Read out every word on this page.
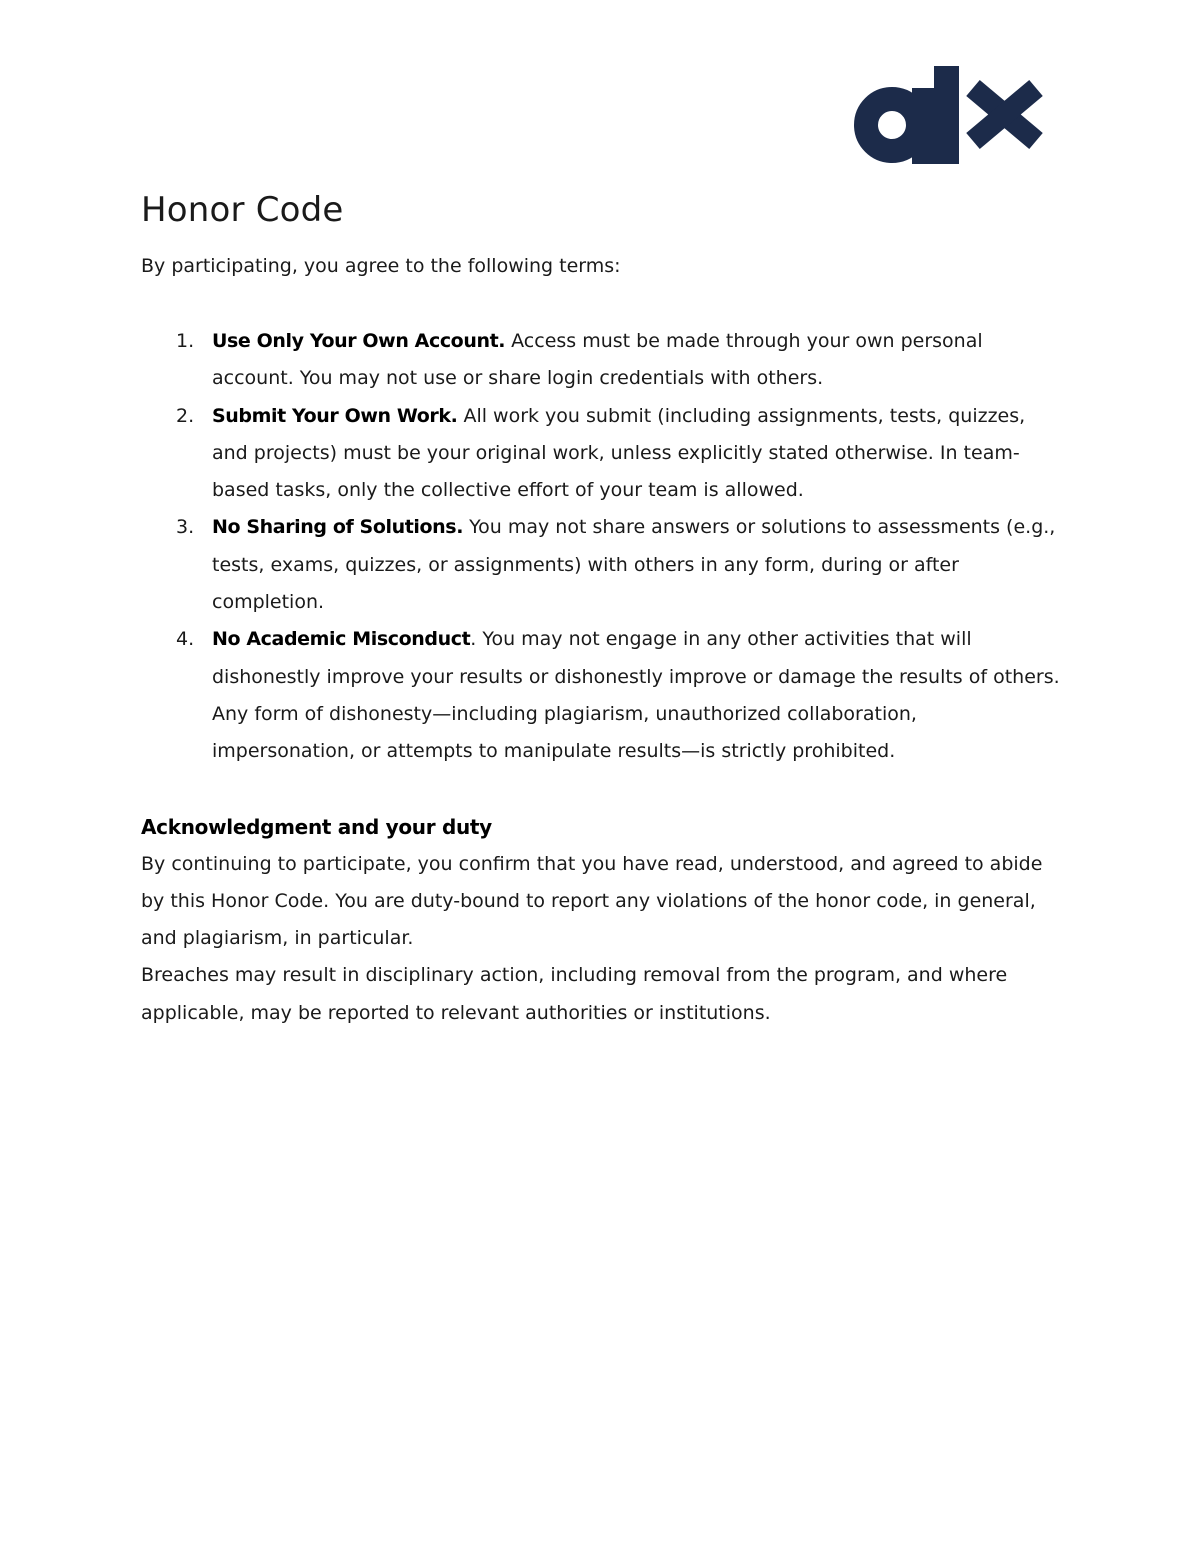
Honor Code

By participating, you agree to the following terms:

1. Use Only Your Own Account. Access must be made through your own personal account. You may not use or share login credentials with others.
2. Submit Your Own Work. All work you submit (including assignments, tests, quizzes, and projects) must be your original work, unless explicitly stated otherwise. In team-based tasks, only the collective effort of your team is allowed.
3. No Sharing of Solutions. You may not share answers or solutions to assessments (e.g., tests, exams, quizzes, or assignments) with others in any form, during or after completion.
4. No Academic Misconduct. You may not engage in any other activities that will dishonestly improve your results or dishonestly improve or damage the results of others. Any form of dishonesty—including plagiarism, unauthorized collaboration, impersonation, or attempts to manipulate results—is strictly prohibited.
Acknowledgment and your duty

By continuing to participate, you confirm that you have read, understood, and agreed to abide by this Honor Code. You are duty-bound to report any violations of the honor code, in general, and plagiarism, in particular.

Breaches may result in disciplinary action, including removal from the program, and where applicable, may be reported to relevant authorities or institutions.
